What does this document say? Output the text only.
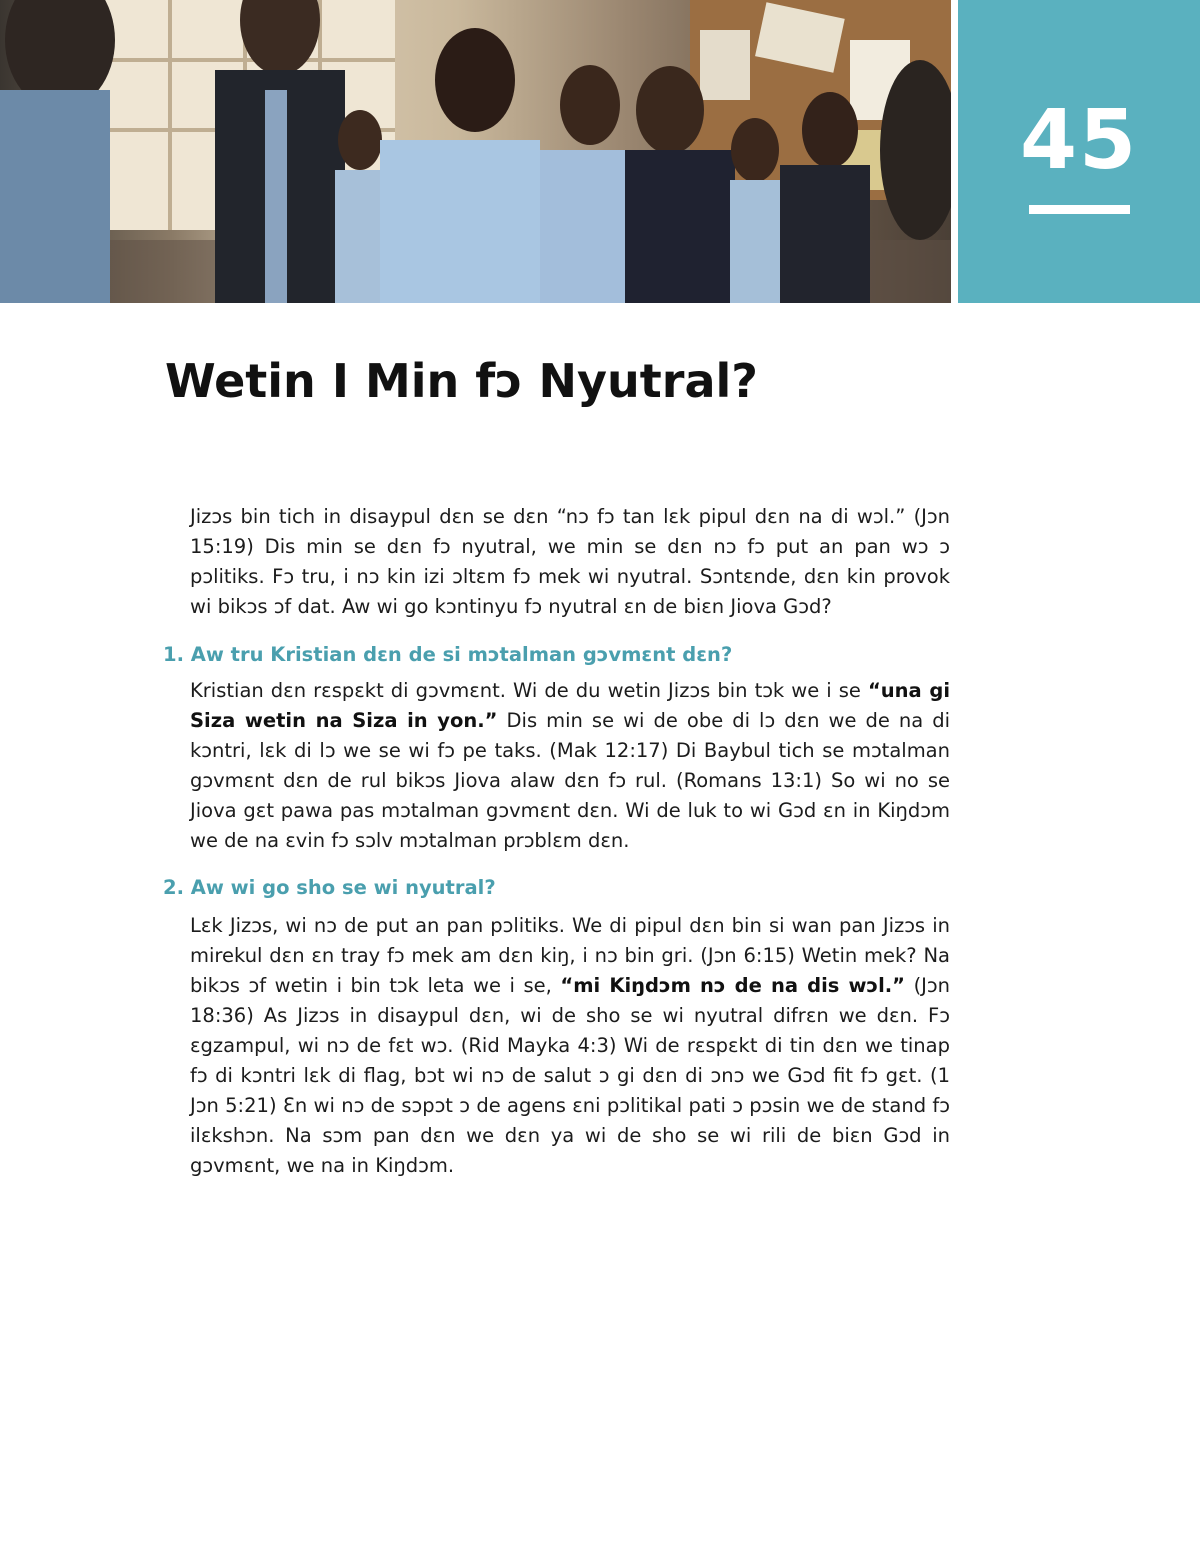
45
Wetin I Min fɔ Nyutral?

Jizɔs bin tich in disaypul dɛn se dɛn “nɔ fɔ tan lɛk pipul dɛn na di wɔl.” (Jɔn 15:19) Dis min se dɛn fɔ nyutral, we min se dɛn nɔ fɔ put an pan wɔ ɔ pɔlitiks. Fɔ tru, i nɔ kin izi ɔltɛm fɔ mek wi nyutral. Sɔntɛnde, dɛn kin provok wi bikɔs ɔf dat. Aw wi go kɔntinyu fɔ nyutral ɛn de biɛn Jiova Gɔd?

1. Aw tru Kristian dɛn de si mɔtalman gɔvmɛnt dɛn?

Kristian dɛn rɛspɛkt di gɔvmɛnt. Wi de du wetin Jizɔs bin tɔk we i se “una gi Siza wetin na Siza in yon.” Dis min se wi de obe di lɔ dɛn we de na di kɔntri, lɛk di lɔ we se wi fɔ pe taks. (Mak 12:17) Di Baybul tich se mɔtalman gɔvmɛnt dɛn de rul bikɔs Jiova alaw dɛn fɔ rul. (Romans 13:1) So wi no se Jiova gɛt pawa pas mɔtalman gɔvmɛnt dɛn. Wi de luk to wi Gɔd ɛn in Kiŋdɔm we de na ɛvin fɔ sɔlv mɔtalman prɔblɛm dɛn.

2. Aw wi go sho se wi nyutral?

Lɛk Jizɔs, wi nɔ de put an pan pɔlitiks. We di pipul dɛn bin si wan pan Jizɔs in mirekul dɛn ɛn tray fɔ mek am dɛn kiŋ, i nɔ bin gri. (Jɔn 6:15) Wetin mek? Na bikɔs ɔf wetin i bin tɔk leta we i se, “mi Kiŋdɔm nɔ de na dis wɔl.” (Jɔn 18:36) As Jizɔs in disaypul dɛn, wi de sho se wi nyutral difrɛn we dɛn. Fɔ ɛgzampul, wi nɔ de fɛt wɔ. (Rid Mayka 4:3) Wi de rɛspɛkt di tin dɛn we tinap fɔ di kɔntri lɛk di flag, bɔt wi nɔ de salut ɔ gi dɛn di ɔnɔ we Gɔd fit fɔ gɛt. (1 Jɔn 5:21) Ɛn wi nɔ de sɔpɔt ɔ de agens ɛni pɔlitikal pati ɔ pɔsin we de stand fɔ ilɛkshɔn. Na sɔm pan dɛn we dɛn ya wi de sho se wi rili de biɛn Gɔd in gɔvmɛnt, we na in Kiŋdɔm.
